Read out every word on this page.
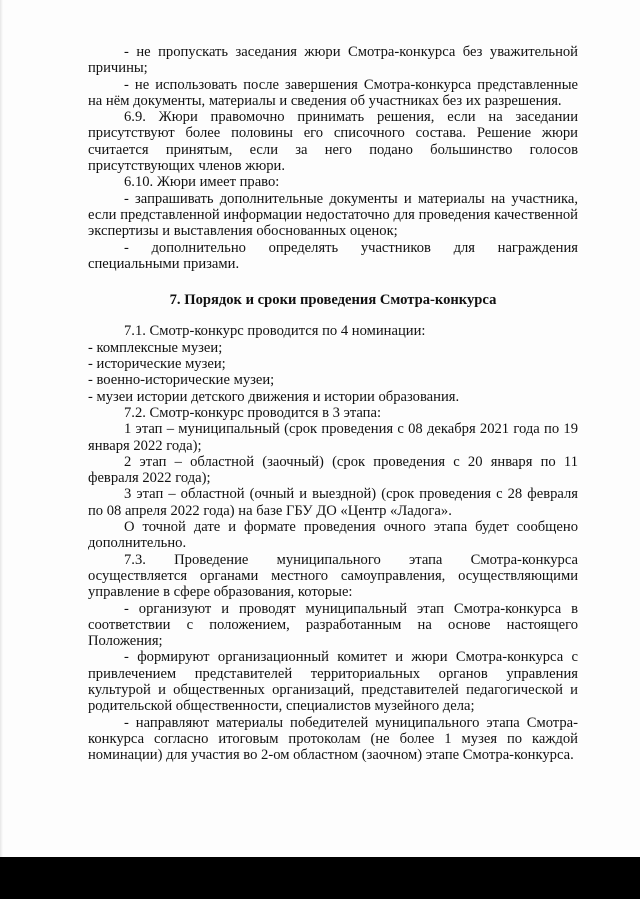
- не пропускать заседания жюри Смотра-конкурса без уважительной причины;

- не использовать после завершения Смотра-конкурса представленные на нём документы, материалы и сведения об участниках без их разрешения.

6.9. Жюри правомочно принимать решения, если на заседании присутствуют более половины его списочного состава. Решение жюри считается принятым, если за него подано большинство голосов присутствующих членов жюри.

6.10. Жюри имеет право:

- запрашивать дополнительные документы и материалы на участника, если представленной информации недостаточно для проведения качественной экспертизы и выставления обоснованных оценок;

- дополнительно определять участников для награждения специальными призами.

7. Порядок и сроки проведения Смотра-конкурса

7.1. Смотр-конкурс проводится по 4 номинации:

- комплексные музеи;

- исторические музеи;

- военно-исторические музеи;

- музеи истории детского движения и истории образования.

7.2. Смотр-конкурс проводится в 3 этапа:

1 этап – муниципальный (срок проведения с 08 декабря 2021 года по 19 января 2022 года);

2 этап – областной (заочный) (срок проведения с 20 января по 11 февраля 2022 года);

3 этап – областной (очный и выездной) (срок проведения с 28 февраля по 08 апреля 2022 года) на базе ГБУ ДО «Центр «Ладога».

О точной дате и формате проведения очного этапа будет сообщено дополнительно.

7.3. Проведение муниципального этапа Смотра-конкурса осуществляется органами местного самоуправления, осуществляющими управление в сфере образования, которые:

- организуют и проводят муниципальный этап Смотра-конкурса в соответствии с положением, разработанным на основе настоящего Положения;

- формируют организационный комитет и жюри Смотра-конкурса с привлечением представителей территориальных органов управления культурой и общественных организаций, представителей педагогической и родительской общественности, специалистов музейного дела;

- направляют материалы победителей муниципального этапа Смотра-конкурса согласно итоговым протоколам (не более 1 музея по каждой номинации) для участия во 2-ом областном (заочном) этапе Смотра-конкурса.
